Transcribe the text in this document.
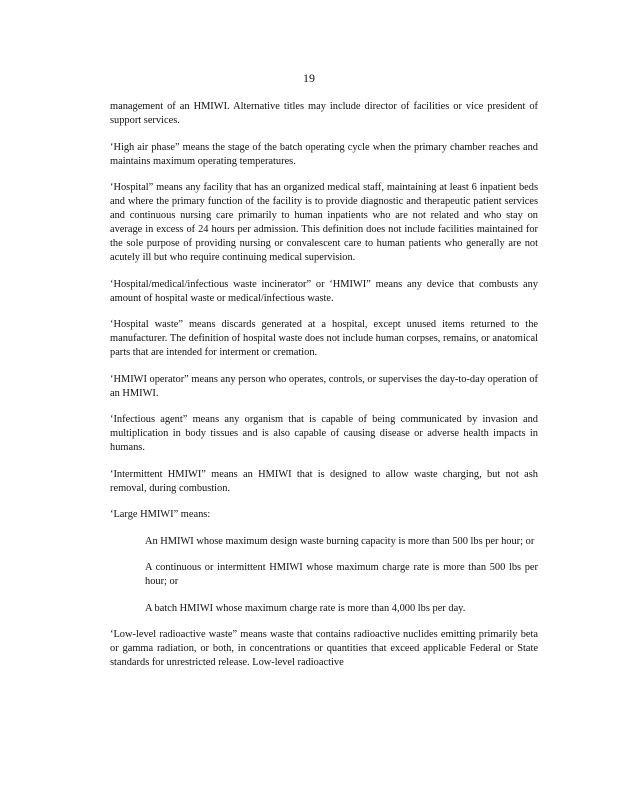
19

management of an HMIWI. Alternative titles may include director of facilities or vice president of support services.

‘High air phase” means the stage of the batch operating cycle when the primary chamber reaches and maintains maximum operating temperatures.

‘Hospital” means any facility that has an organized medical staff, maintaining at least 6 inpatient beds and where the primary function of the facility is to provide diagnostic and therapeutic patient services and continuous nursing care primarily to human inpatients who are not related and who stay on average in excess of 24 hours per admission. This definition does not include facilities maintained for the sole purpose of providing nursing or convalescent care to human patients who generally are not acutely ill but who require continuing medical supervision.

‘Hospital/medical/infectious waste incinerator” or ‘HMIWI” means any device that combusts any amount of hospital waste or medical/infectious waste.

‘Hospital waste” means discards generated at a hospital, except unused items returned to the manufacturer. The definition of hospital waste does not include human corpses, remains, or anatomical parts that are intended for interment or cremation.

‘HMIWI operator” means any person who operates, controls, or supervises the day-to-day operation of an HMIWI.

‘Infectious agent” means any organism that is capable of being communicated by invasion and multiplication in body tissues and is also capable of causing disease or adverse health impacts in humans.

‘Intermittent HMIWI” means an HMIWI that is designed to allow waste charging, but not ash removal, during combustion.

‘Large HMIWI” means:

An HMIWI whose maximum design waste burning capacity is more than 500 lbs per hour; or

A continuous or intermittent HMIWI whose maximum charge rate is more than 500 lbs per hour; or

A batch HMIWI whose maximum charge rate is more than 4,000 lbs per day.

‘Low-level radioactive waste” means waste that contains radioactive nuclides emitting primarily beta or gamma radiation, or both, in concentrations or quantities that exceed applicable Federal or State standards for unrestricted release. Low-level radioactive
